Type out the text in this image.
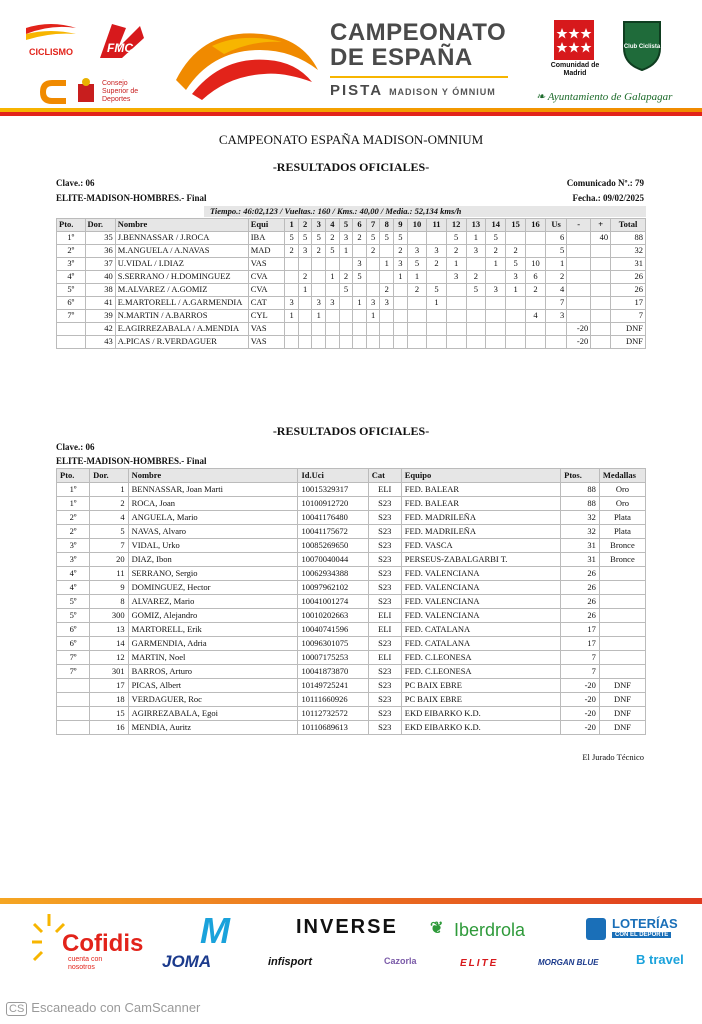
CICLISMO	FMC
Consejo Superior de Deportes
CAMPEONATO
DE ESPAÑA
PISTA MADISON Y ÓMNIUM
Comunidad de Madrid
Club Ciclista
❧ Ayuntamiento de Galapagar
CAMPEONATO ESPAÑA MADISON-OMNIUM
-RESULTADOS OFICIALES-
Clave.: 06	Comunicado Nº.: 79
ELITE-MADISON-HOMBRES.- Final	Fecha.: 09/02/2025
Tiempo.: 46:02,123 / Vueltas.: 160 / Kms.: 40,00 / Media.: 52,134 kms/h
Pto.	Dor.	Nombre	Equi	1	2	3	4	5	6	7	8	9	10	11	12	13	14	15	16	Us	-	+	Total
1º	35	J.BENNASSAR / J.ROCA	IBA	5	5	5	2	3	2	5	5	5			5	1	5			6		40	88
2º	36	M.ANGUELA / A.NAVAS	MAD	2	3	2	5	1		2		2	3	3	2	3	2	2		5			32
3º	37	U.VIDAL / I.DIAZ	VAS						3		1	3	5	2	1		1	5	10	1			31
4º	40	S.SERRANO / H.DOMINGUEZ	CVA		2		1	2	5			1	1		3	2		3	6	2			26
5º	38	M.ALVAREZ / A.GOMIZ	CVA		1			5			2		2	5		5	3	1	2	4			26
6º	41	E.MARTORELL / A.GARMENDIA	CAT	3		3	3		1	3	3			1						7			17
7º	39	N.MARTIN / A.BARROS	CYL	1		1				1									4	3			7
	42	E.AGIRREZABALA / A.MENDIA	VAS																		-20		DNF
	43	A.PICAS / R.VERDAGUER	VAS																		-20		DNF
-RESULTADOS OFICIALES-
Clave.: 06
ELITE-MADISON-HOMBRES.- Final
Pto.	Dor.	Nombre	Id.Uci	Cat	Equipo	Ptos.	Medallas
1º	1	BENNASSAR, Joan Marti	10015329317	ELI	FED. BALEAR	88	Oro
1º	2	ROCA, Joan	10100912720	S23	FED. BALEAR	88	Oro
2º	4	ANGUELA, Mario	10041176480	S23	FED. MADRILEÑA	32	Plata
2º	5	NAVAS, Alvaro	10041175672	S23	FED. MADRILEÑA	32	Plata
3º	7	VIDAL, Urko	10085269650	S23	FED. VASCA	31	Bronce
3º	20	DIAZ, Ibon	10070040044	S23	PERSEUS-ZABALGARBI T.	31	Bronce
4º	11	SERRANO, Sergio	10062934388	S23	FED. VALENCIANA	26	
4º	9	DOMINGUEZ, Hector	10097962102	S23	FED. VALENCIANA	26	
5º	8	ALVAREZ, Mario	10041001274	S23	FED. VALENCIANA	26	
5º	300	GOMIZ, Alejandro	10010202663	ELI	FED. VALENCIANA	26	
6º	13	MARTORELL, Erik	10040741596	ELI	FED. CATALANA	17	
6º	14	GARMENDIA, Adria	10096301075	S23	FED. CATALANA	17	
7º	12	MARTIN, Noel	10007175253	ELI	FED. C.LEONESA	7	
7º	301	BARROS, Arturo	10041873870	S23	FED. C.LEONESA	7	
	17	PICAS, Albert	10149725241	S23	PC BAIX EBRE	-20	DNF
	18	VERDAGUER, Roc	10111660926	S23	PC BAIX EBRE	-20	DNF
	15	AGIRREZABALA, Egoi	10112732572	S23	EKD EIBARKO K.D.	-20	DNF
	16	MENDIA, Auritz	10110689613	S23	EKD EIBARKO K.D.	-20	DNF
El Jurado Técnico
Cofidis
cuenta con nosotros
M
JOMA
INVERSE
infisport	Cazorla
❦ Iberdrola
ELITE	MORGAN BLUE
LOTERÍAS
CON EL DEPORTE
B travel
CS Escaneado con CamScanner
